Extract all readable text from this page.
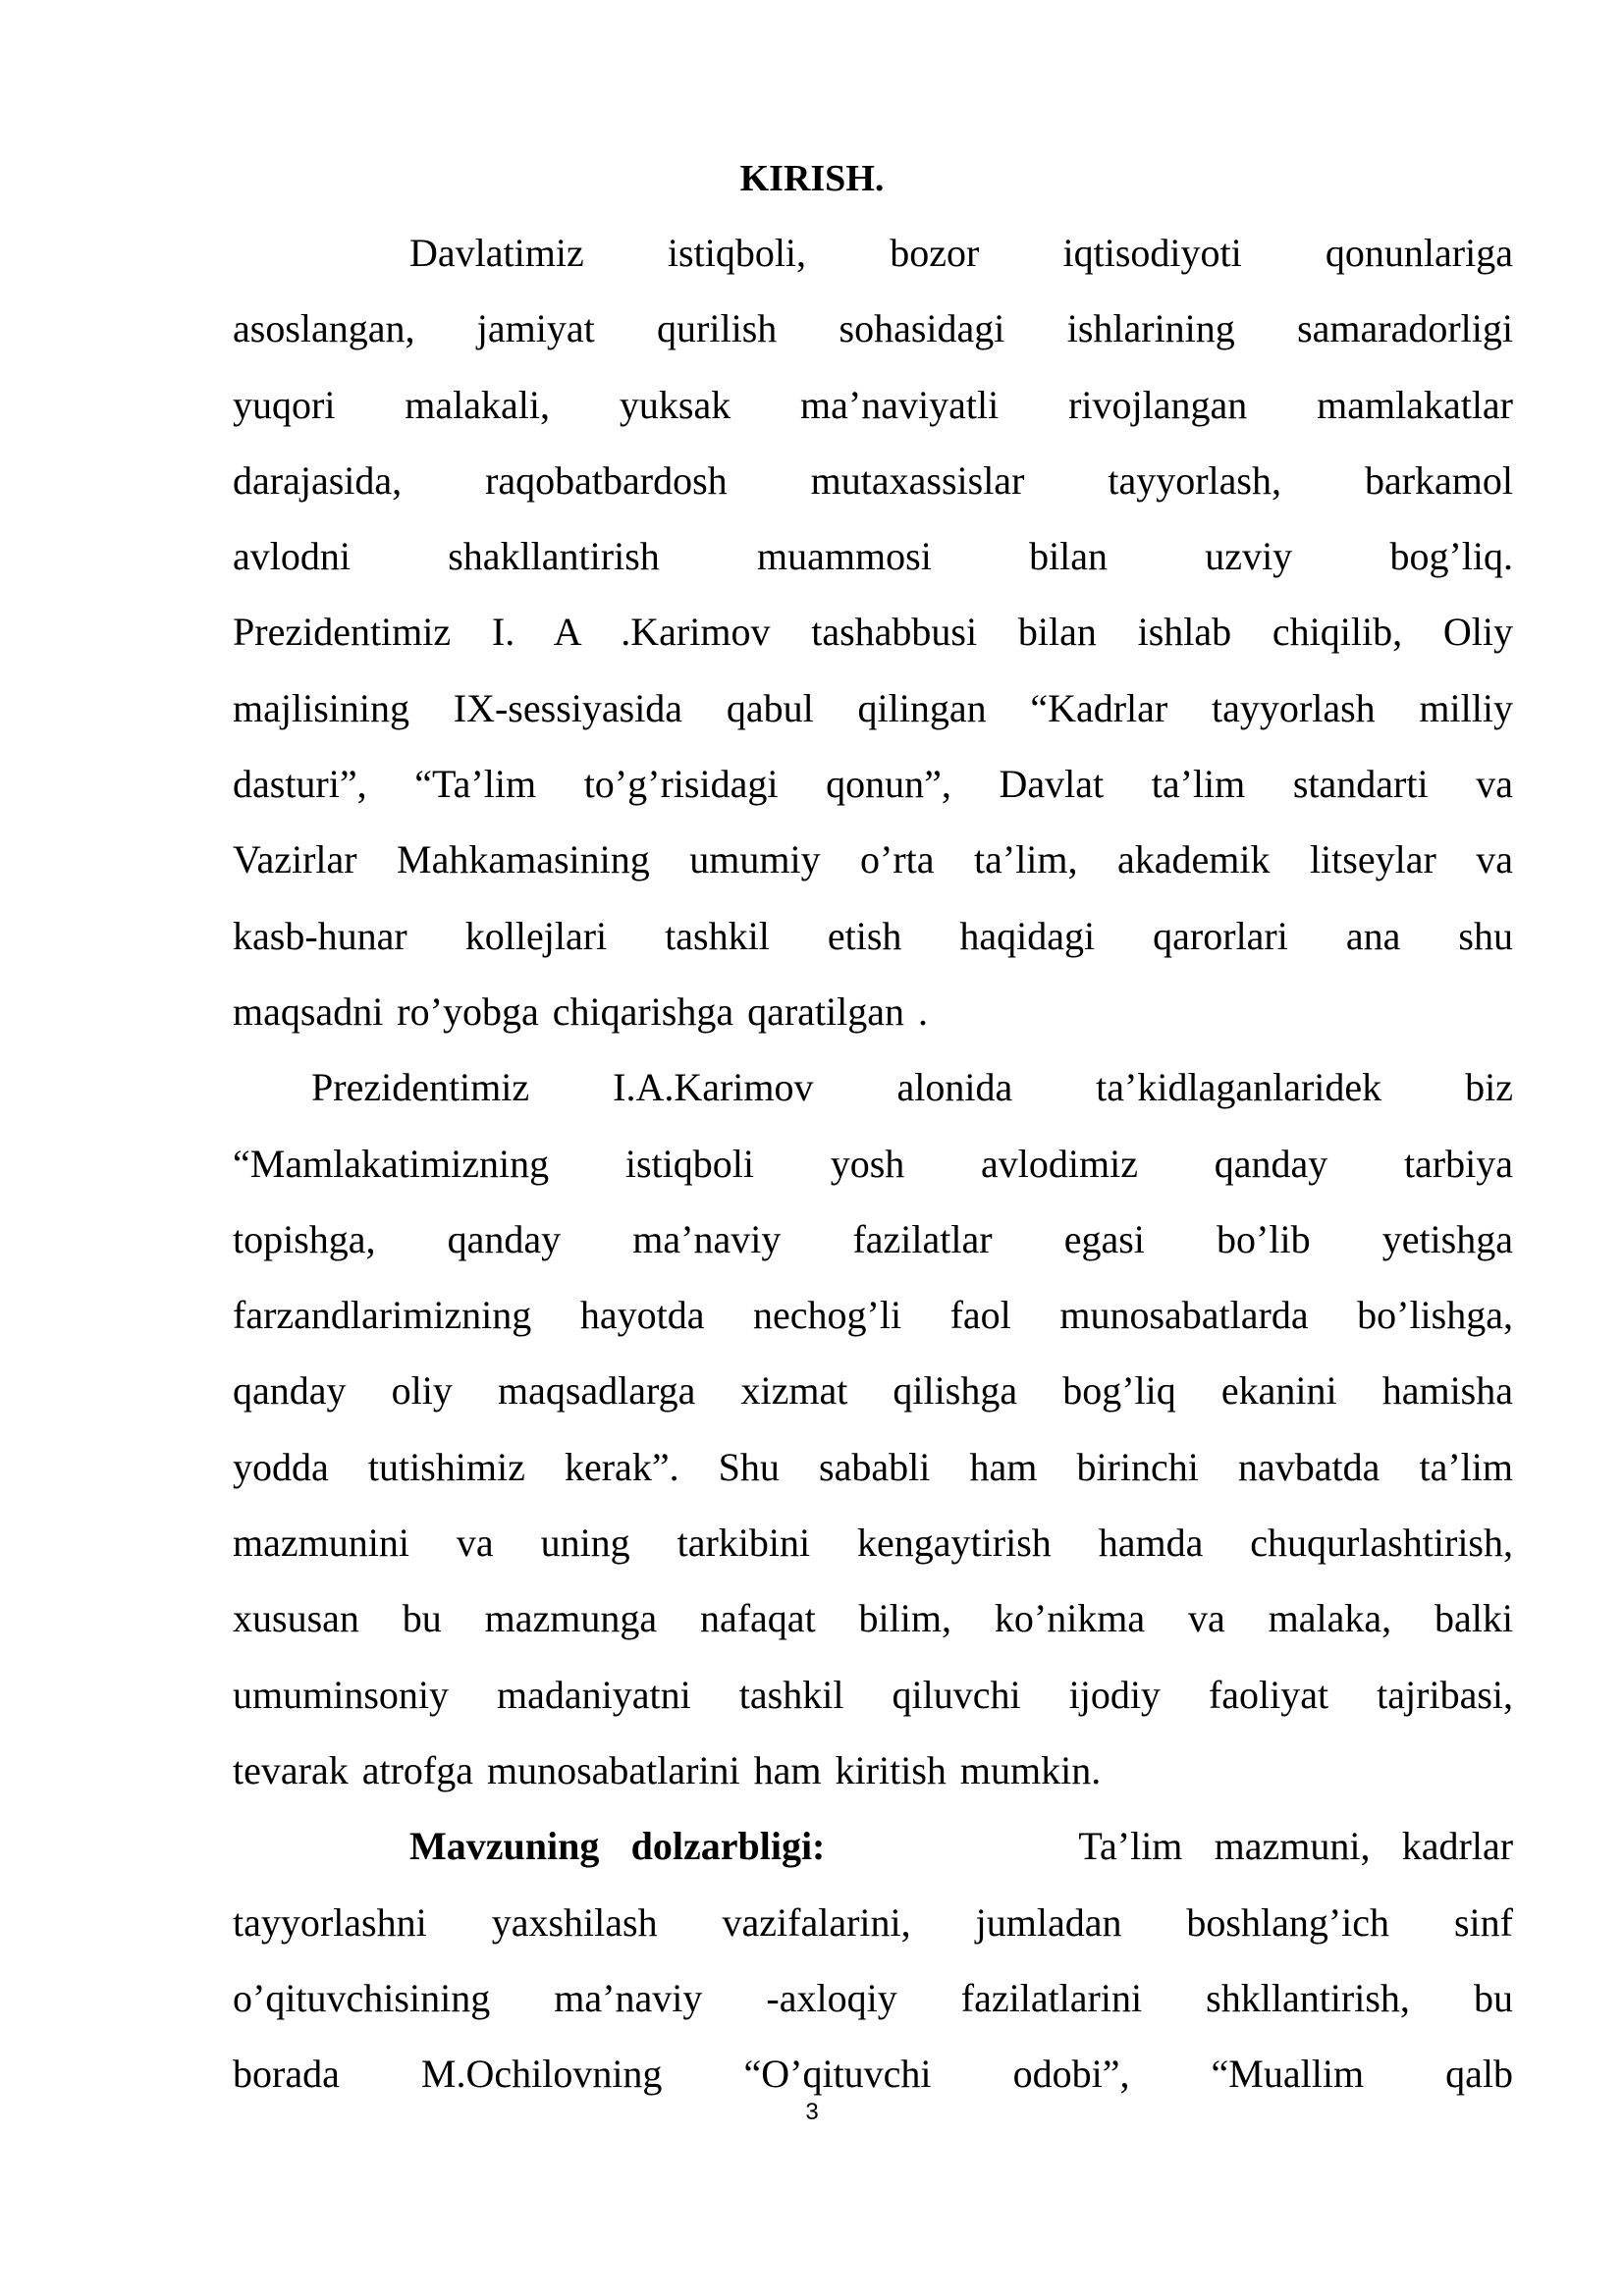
KIRISH.
Davlatimiz istiqboli, bozor iqtisodiyoti qonunlariga
asoslangan, jamiyat qurilish sohasidagi ishlarining samaradorligi
yuqori malakali, yuksak ma’naviyatli rivojlangan mamlakatlar
darajasida, raqobatbardosh mutaxassislar tayyorlash, barkamol
avlodni shakllantirish muammosi bilan uzviy bog’liq.
Prezidentimiz I. A .Karimov tashabbusi bilan ishlab chiqilib, Oliy
majlisining IX-sessiyasida qabul qilingan “Kadrlar tayyorlash milliy
dasturi”, “Ta’lim to’g’risidagi qonun”, Davlat ta’lim standarti va
Vazirlar Mahkamasining umumiy o’rta ta’lim, akademik litseylar va
kasb-hunar kollejlari tashkil etish haqidagi qarorlari ana shu
maqsadni ro’yobga chiqarishga qaratilgan .
Prezidentimiz I.A.Karimov alonida ta’kidlaganlaridek biz
“Mamlakatimizning istiqboli yosh avlodimiz qanday tarbiya
topishga, qanday ma’naviy fazilatlar egasi bo’lib yetishga
farzandlarimizning hayotda nechog’li faol munosabatlarda bo’lishga,
qanday oliy maqsadlarga xizmat qilishga bog’liq ekanini hamisha
yodda tutishimiz kerak”. Shu sababli ham birinchi navbatda ta’lim
mazmunini va uning tarkibini kengaytirish hamda chuqurlashtirish,
xususan bu mazmunga nafaqat bilim, ko’nikma va malaka, balki
umuminsoniy madaniyatni tashkil qiluvchi ijodiy faoliyat tajribasi,
tevarak atrofga munosabatlarini ham kiritish mumkin.
Mavzuning dolzarbligi:	Ta’lim mazmuni, kadrlar
tayyorlashni yaxshilash vazifalarini, jumladan boshlang’ich sinf
o’qituvchisining ma’naviy -axloqiy fazilatlarini shkllantirish, bu
borada M.Ochilovning “O’qituvchi odobi”, “Muallim qalb
3
